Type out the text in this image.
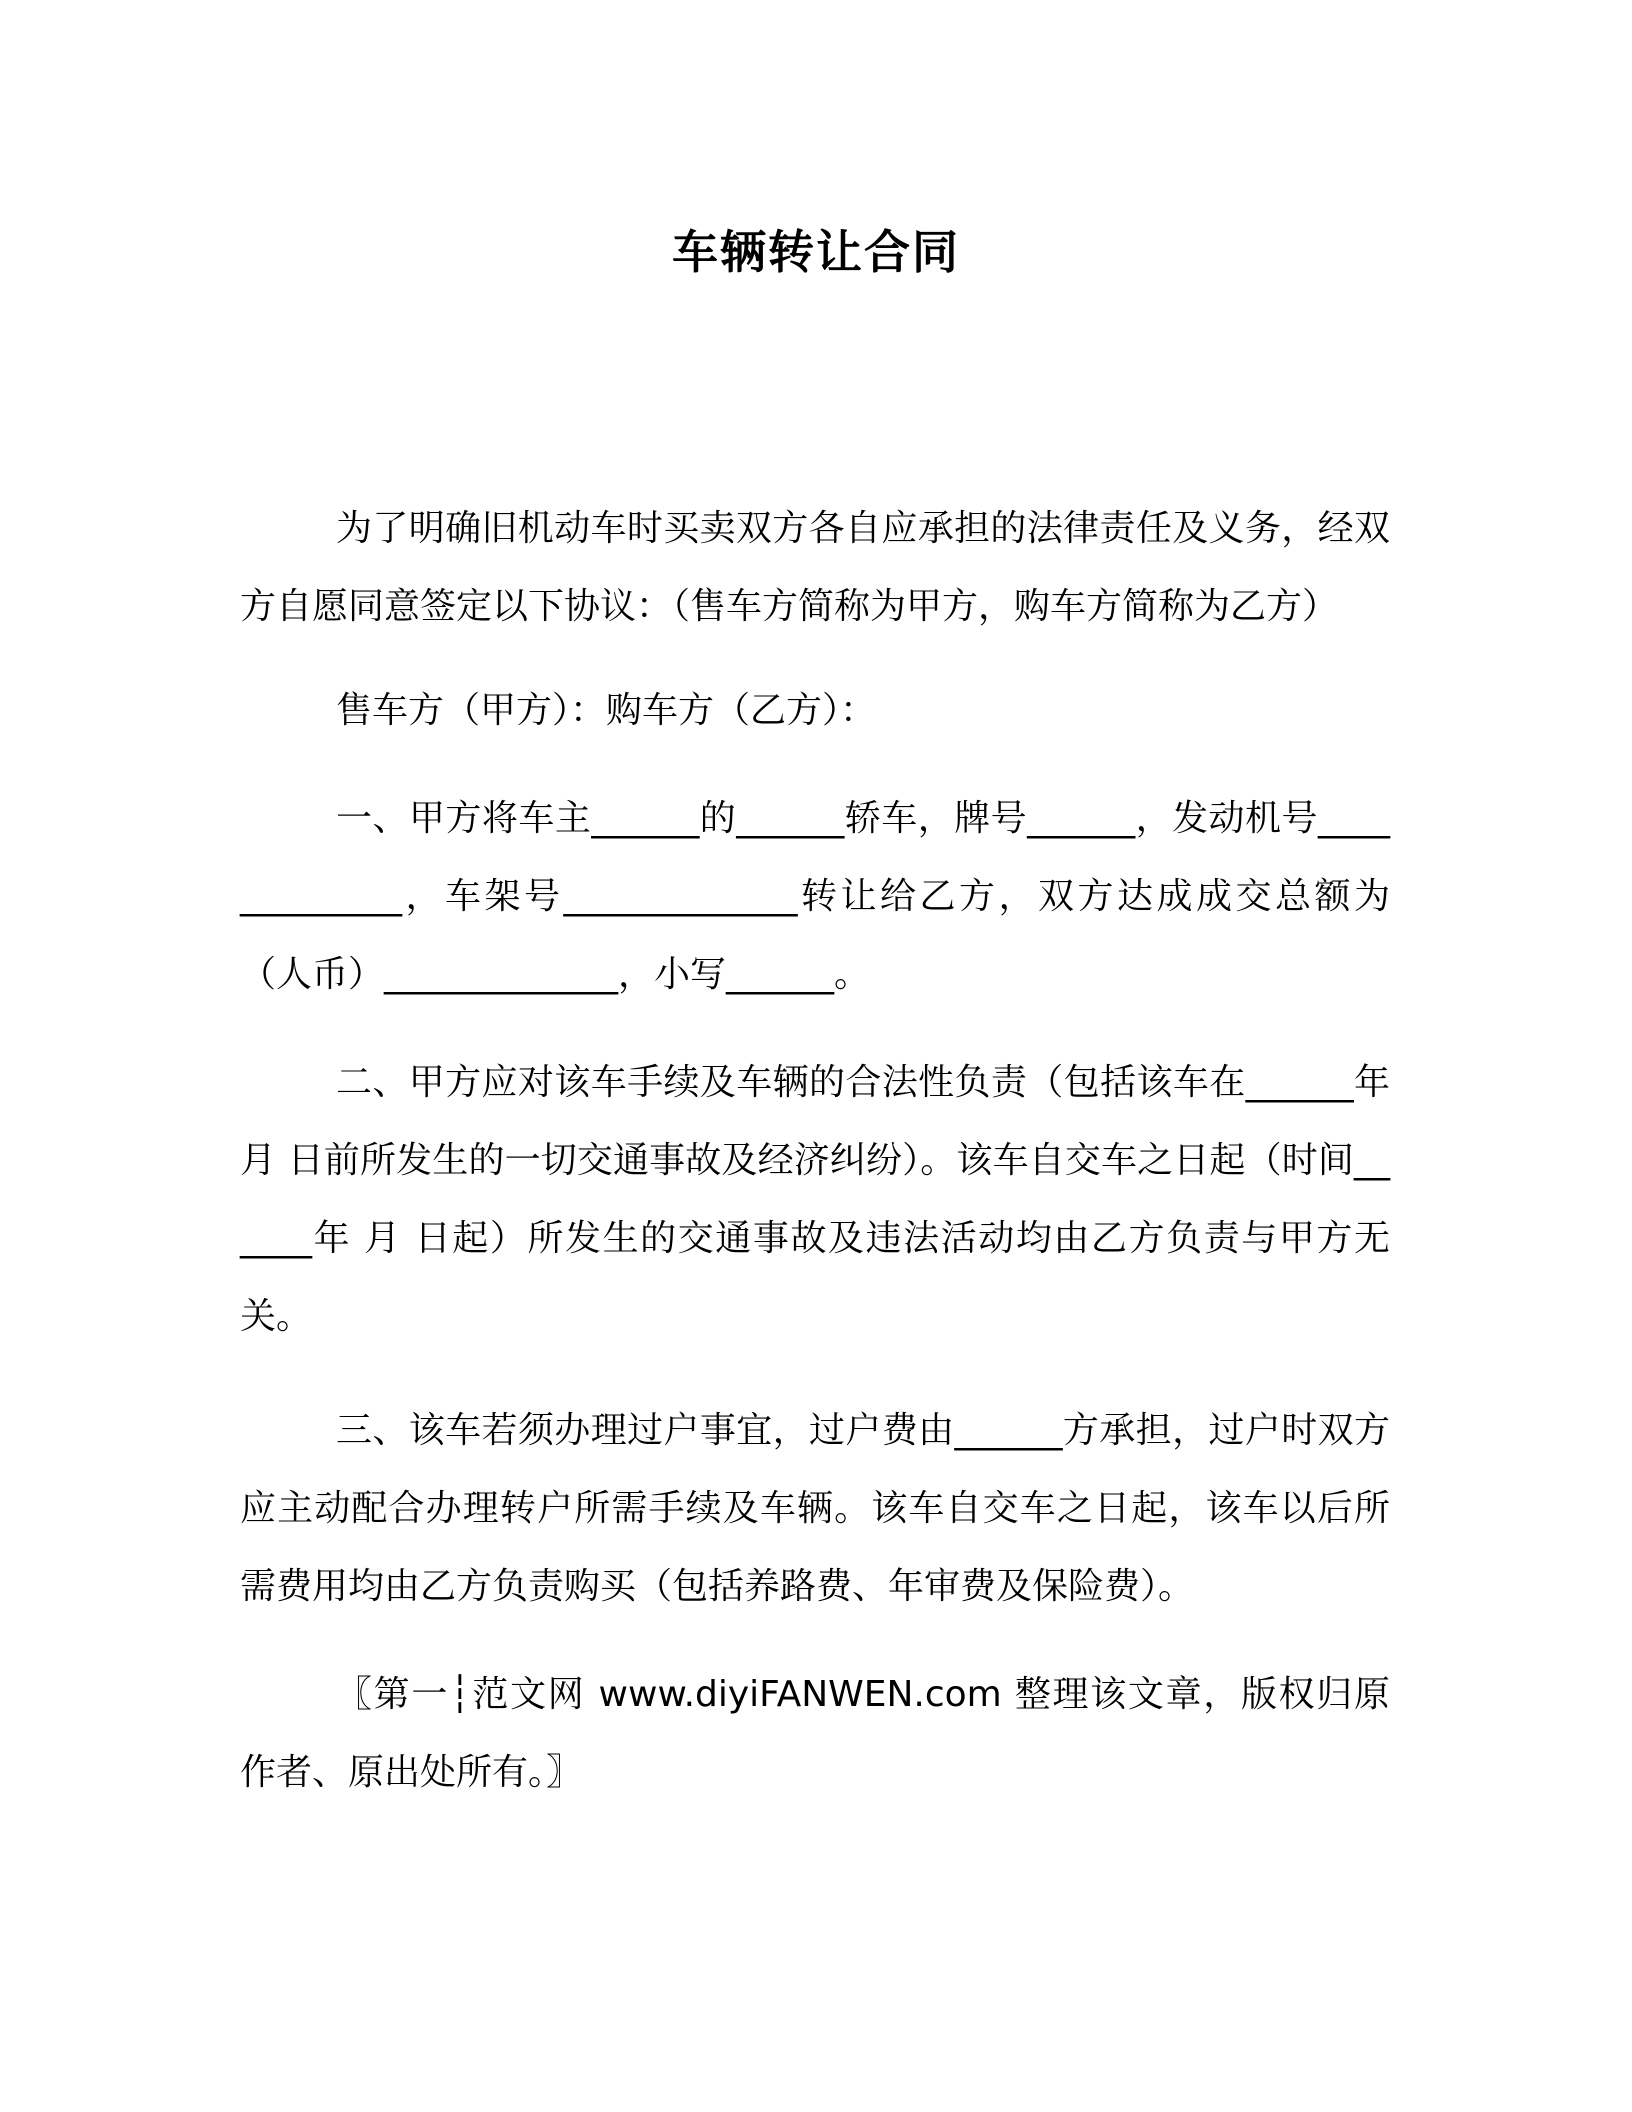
车辆转让合同

为了明确旧机动车时买卖双方各自应承担的法律责任及义务，经双方自愿同意签定以下协议：（售车方简称为甲方，购车方简称为乙方）

售车方（甲方）：购车方（乙方）：

一、甲方将车主______的______轿车，牌号______，发动机号_____________，车架号_____________转让给乙方，双方达成成交总额为（人币）_____________，小写______。

二、甲方应对该车手续及车辆的合法性负责（包括该车在______年 月 日前所发生的一切交通事故及经济纠纷）。该车自交车之日起（时间______年 月 日起）所发生的交通事故及违法活动均由乙方负责与甲方无关。

三、该车若须办理过户事宜，过户费由______方承担，过户时双方应主动配合办理转户所需手续及车辆。该车自交车之日起，该车以后所需费用均由乙方负责购买（包括养路费、年审费及保险费）。

〖第一┆范文网 www.diyiFANWEN.com 整理该文章，版权归原作者、原出处所有。〗
